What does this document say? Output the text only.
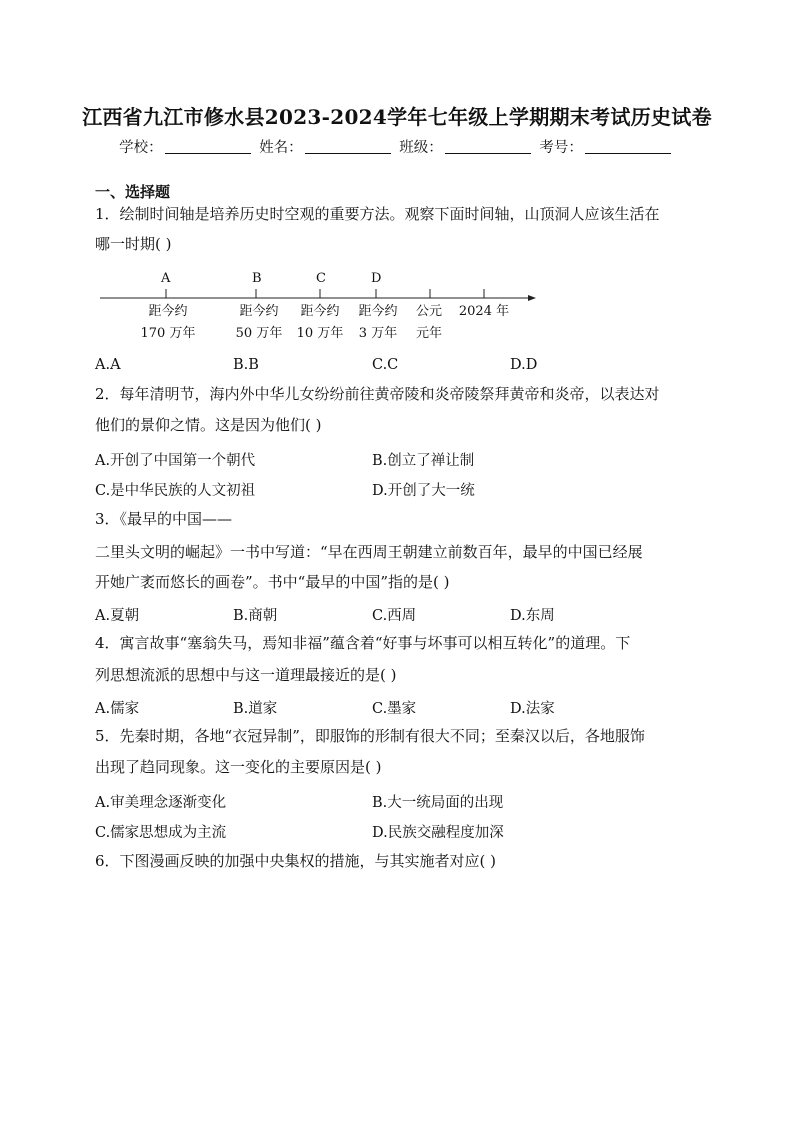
江西省九江市修水县2023-2024学年七年级上学期期末考试历史试卷
学校：	姓名：	班级：	考号：
一、选择题

1．绘制时间轴是培养历史时空观的重要方法。观察下面时间轴，山顶洞人应该生活在

哪一时期( )

A	B	C	D
距今约
170 万年
距今约
50 万年
距今约
10 万年
距今约
3 万年
公元
元年
2024 年
A.A	B.B	C.C	D.D

2．每年清明节，海内外中华儿女纷纷前往黄帝陵和炎帝陵祭拜黄帝和炎帝，以表达对

他们的景仰之情。这是因为他们( )

A.开创了中国第一个朝代	B.创立了禅让制
C.是中华民族的人文初祖	D.开创了大一统

3．《最早的中国——

二里头文明的崛起》一书中写道：“早在西周王朝建立前数百年，最早的中国已经展

开她广袤而悠长的画卷”。书中“最早的中国”指的是( )

A.夏朝	B.商朝	C.西周	D.东周

4．寓言故事“塞翁失马，焉知非福”蕴含着“好事与坏事可以相互转化”的道理。下

列思想流派的思想中与这一道理最接近的是( )

A.儒家	B.道家	C.墨家	D.法家

5．先秦时期，各地“衣冠异制”，即服饰的形制有很大不同；至秦汉以后，各地服饰

出现了趋同现象。这一变化的主要原因是( )

A.审美理念逐渐变化	B.大一统局面的出现
C.儒家思想成为主流	D.民族交融程度加深

6．下图漫画反映的加强中央集权的措施，与其实施者对应( )
